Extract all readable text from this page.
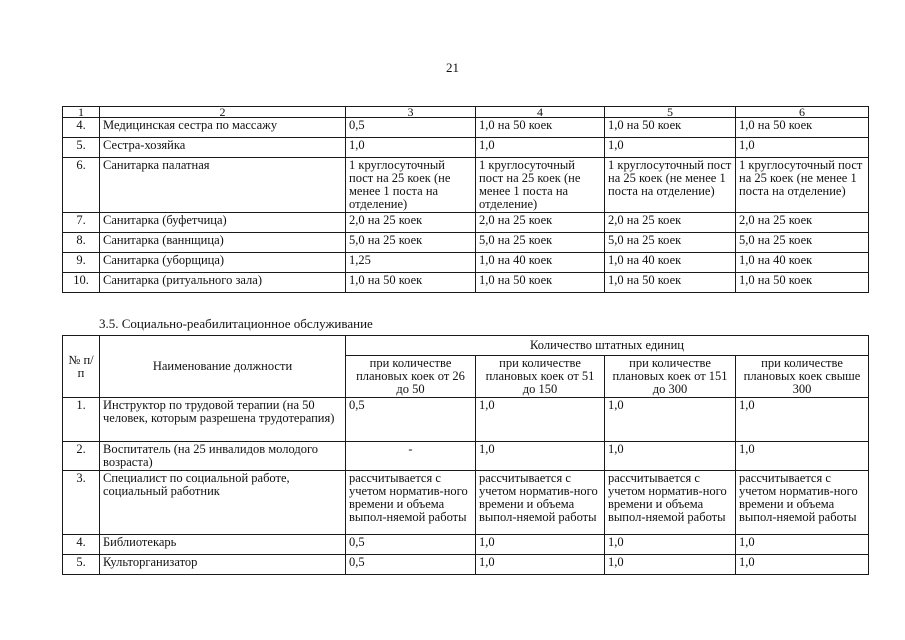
21
1	2	3	4	5	6
4.	Медицинская сестра по массажу	0,5	1,0 на 50 коек	1,0 на 50 коек	1,0 на 50 коек
5.	Сестра-хозяйка	1,0	1,0	1,0	1,0
6.	Санитарка палатная	1 круглосуточный пост на 25 коек (не менее 1 поста на отделение)	1 круглосуточный пост на 25 коек (не менее 1 поста на отделение)	1 круглосуточный пост на 25 коек (не менее 1 поста на отделение)	1 круглосуточный пост на 25 коек (не менее 1 поста на отделение)
7.	Санитарка (буфетчица)	2,0 на 25 коек	2,0 на 25 коек	2,0 на 25 коек	2,0 на 25 коек
8.	Санитарка (ваннщица)	5,0 на 25 коек	5,0 на 25 коек	5,0 на 25 коек	5,0 на 25 коек
9.	Санитарка (уборщица)	1,25	1,0 на 40 коек	1,0 на 40 коек	1,0 на 40 коек
10.	Санитарка (ритуального зала)	1,0 на 50 коек	1,0 на 50 коек	1,0 на 50 коек	1,0 на 50 коек
3.5. Социально-реабилитационное обслуживание
№ п/п	Наименование должности	Количество штатных единиц			
		при количестве плановых коек от 26 до 50	при количестве плановых коек от 51 до 150	при количестве плановых коек от 151 до 300	при количестве плановых коек свыше 300
1.	Инструктор по трудовой терапии (на 50 человек, которым разрешена трудотерапия)	0,5	1,0	1,0	1,0
2.	Воспитатель (на 25 инвалидов молодого возраста)	-	1,0	1,0	1,0
3.	Специалист по социальной работе, социальный работник	рассчитывается с учетом норматив-ного времени и объема выпол-няемой работы	рассчитывается с учетом норматив-ного времени и объема выпол-няемой работы	рассчитывается с учетом норматив-ного времени и объема выпол-няемой работы	рассчитывается с учетом норматив-ного времени и объема выпол-няемой работы
4.	Библиотекарь	0,5	1,0	1,0	1,0
5.	Культорганизатор	0,5	1,0	1,0	1,0
